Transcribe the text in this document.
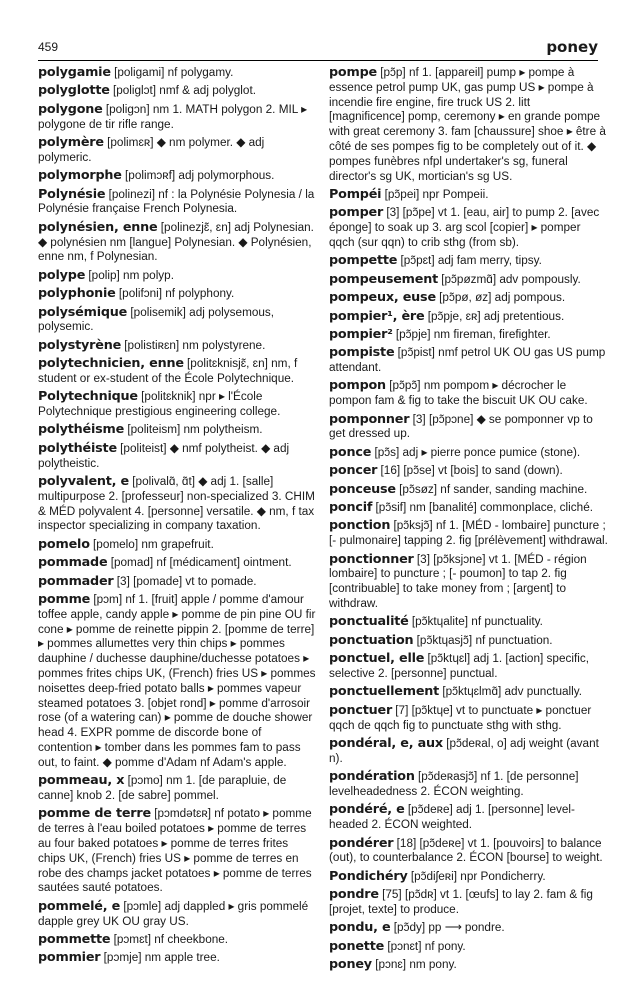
459	poney

polygamie [poligami] nf polygamy.

polyglotte [poliglɔt] nmf & adj polyglot.

polygone [poligɔn] nm 1. MATH polygon 2. MIL ▸ polygone de tir rifle range.

polymère [polimɛʀ] ◆ nm polymer. ◆ adj polymeric.

polymorphe [polimɔʀf] adj polymorphous.

Polynésie [polinezi] nf : la Polynésie Polynesia / la Polynésie française French Polynesia.

polynésien, enne [polinezjɛ̃, ɛn] adj Polynesian. ◆ polynésien nm [langue] Polynesian. ◆ Polynésien, enne nm, f Polynesian.

polype [polip] nm polyp.

polyphonie [polifɔni] nf polyphony.

polysémique [polisemik] adj polysemous, polysemic.

polystyrène [polistiʀɛn] nm polystyrene.

polytechnicien, enne [politɛknisjɛ̃, ɛn] nm, f student or ex-student of the École Polytechnique.

Polytechnique [politɛknik] npr ▸ l'École Polytechnique prestigious engineering college.

polythéisme [politeism] nm polytheism.

polythéiste [politeist] ◆ nmf polytheist. ◆ adj polytheistic.

polyvalent, e [polivalɑ̃, ɑ̃t] ◆ adj 1. [salle] multipurpose 2. [professeur] non-specialized 3. CHIM & MÉD polyvalent 4. [personne] versatile. ◆ nm, f tax inspector specializing in company taxation.

pomelo [pomelo] nm grapefruit.

pommade [pomad] nf [médicament] ointment.

pommader [3] [pomade] vt to pomade.

pomme [pɔm] nf 1. [fruit] apple / pomme d'amour toffee apple, candy apple ▸ pomme de pin pine OU fir cone ▸ pomme de reinette pippin 2. [pomme de terre] ▸ pommes allumettes very thin chips ▸ pommes dauphine / duchesse dauphine/duchesse potatoes ▸ pommes frites chips UK, (French) fries US ▸ pommes noisettes deep-fried potato balls ▸ pommes vapeur steamed potatoes 3. [objet rond] ▸ pomme d'arrosoir rose (of a watering can) ▸ pomme de douche shower head 4. EXPR pomme de discorde bone of contention ▸ tomber dans les pommes fam to pass out, to faint. ◆ pomme d'Adam nf Adam's apple.

pommeau, x [pɔmo] nm 1. [de parapluie, de canne] knob 2. [de sabre] pommel.

pomme de terre [pɔmdətɛʀ] nf potato ▸ pomme de terres à l'eau boiled potatoes ▸ pomme de terres au four baked potatoes ▸ pomme de terres frites chips UK, (French) fries US ▸ pomme de terres en robe des champs jacket potatoes ▸ pomme de terres sautées sauté potatoes.

pommelé, e [pɔmle] adj dappled ▸ gris pommelé dapple grey UK OU gray US.

pommette [pɔmɛt] nf cheekbone.

pommier [pɔmje] nm apple tree.

pompe [pɔ̃p] nf 1. [appareil] pump ▸ pompe à essence petrol pump UK, gas pump US ▸ pompe à incendie fire engine, fire truck US 2. litt [magnificence] pomp, ceremony ▸ en grande pompe with great ceremony 3. fam [chaussure] shoe ▸ être à côté de ses pompes fig to be completely out of it. ◆ pompes funèbres nfpl undertaker's sg, funeral director's sg UK, mortician's sg US.

Pompéi [pɔ̃pei] npr Pompeii.

pomper [3] [pɔ̃pe] vt 1. [eau, air] to pump 2. [avec éponge] to soak up 3. arg scol [copier] ▸ pomper qqch (sur qqn) to crib sthg (from sb).

pompette [pɔ̃pɛt] adj fam merry, tipsy.

pompeusement [pɔ̃pøzmɑ̃] adv pompously.

pompeux, euse [pɔ̃pø, øz] adj pompous.

pompier¹, ère [pɔ̃pje, ɛʀ] adj pretentious.

pompier² [pɔ̃pje] nm fireman, firefighter.

pompiste [pɔ̃pist] nmf petrol UK OU gas US pump attendant.

pompon [pɔ̃pɔ̃] nm pompom ▸ décrocher le pompon fam & fig to take the biscuit UK OU cake.

pomponner [3] [pɔ̃pɔne] ◆ se pomponner vp to get dressed up.

ponce [pɔ̃s] adj ▸ pierre ponce pumice (stone).

poncer [16] [pɔ̃se] vt [bois] to sand (down).

ponceuse [pɔ̃søz] nf sander, sanding machine.

poncif [pɔ̃sif] nm [banalité] commonplace, cliché.

ponction [pɔ̃ksjɔ̃] nf 1. [MÉD - lombaire] puncture ; [- pulmonaire] tapping 2. fig [prélèvement] withdrawal.

ponctionner [3] [pɔ̃ksjɔne] vt 1. [MÉD - région lombaire] to puncture ; [- poumon] to tap 2. fig [contribuable] to take money from ; [argent] to withdraw.

ponctualité [pɔ̃ktɥalite] nf punctuality.

ponctuation [pɔ̃ktɥasjɔ̃] nf punctuation.

ponctuel, elle [pɔ̃ktɥɛl] adj 1. [action] specific, selective 2. [personne] punctual.

ponctuellement [pɔ̃ktɥɛlmɑ̃] adv punctually.

ponctuer [7] [pɔ̃ktɥe] vt to punctuate ▸ ponctuer qqch de qqch fig to punctuate sthg with sthg.

pondéral, e, aux [pɔ̃deʀal, o] adj weight (avant n).

pondération [pɔ̃deʀasjɔ̃] nf 1. [de personne] levelheadedness 2. ÉCON weighting.

pondéré, e [pɔ̃deʀe] adj 1. [personne] level-headed 2. ÉCON weighted.

pondérer [18] [pɔ̃deʀe] vt 1. [pouvoirs] to balance (out), to counterbalance 2. ÉCON [bourse] to weight.

Pondichéry [pɔ̃diʃeʀi] npr Pondicherry.

pondre [75] [pɔ̃dʀ] vt 1. [œufs] to lay 2. fam & fig [projet, texte] to produce.

pondu, e [pɔ̃dy] pp ⟶ pondre.

ponette [pɔnɛt] nf pony.

poney [pɔnɛ] nm pony.
